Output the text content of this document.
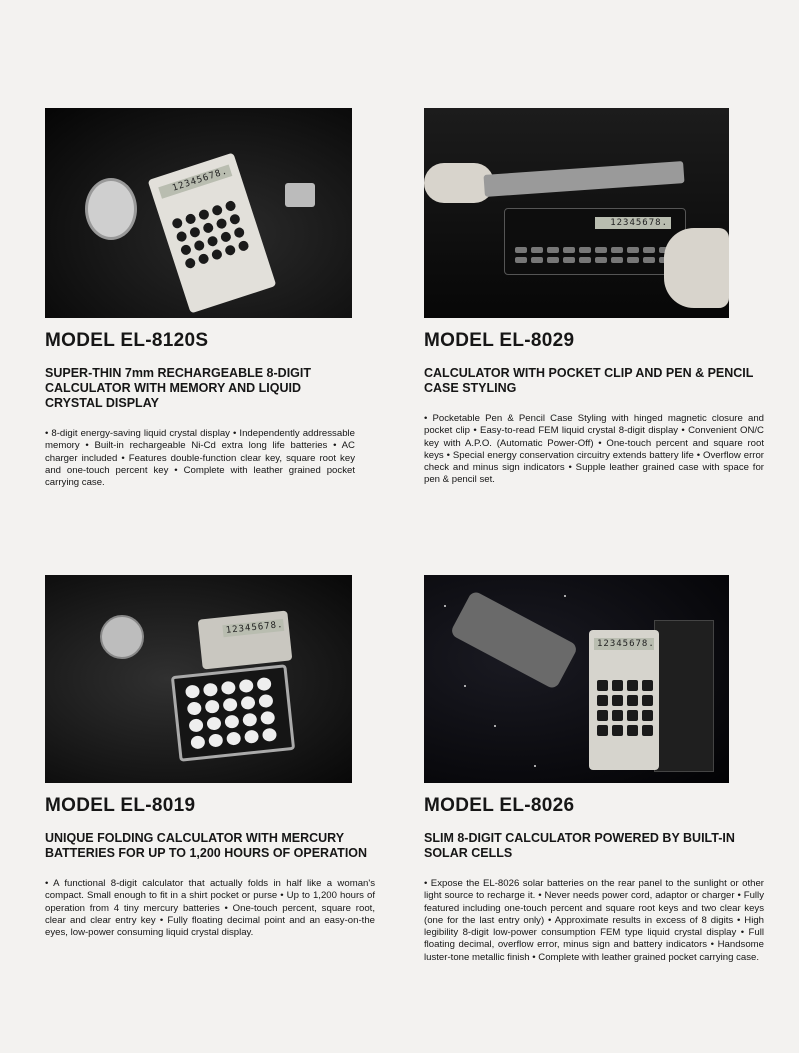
12345678.
MODEL EL-8120S
SUPER-THIN 7mm RECHARGEABLE 8-DIGIT CALCULATOR WITH MEMORY AND LIQUID CRYSTAL DISPLAY
• 8-digit energy-saving liquid crystal display • Independently addressable memory • Built-in rechargeable Ni-Cd extra long life batteries • AC charger included • Features double-function clear key, square root key and one-touch percent key • Complete with leather grained pocket carrying case.
12345678.
MODEL EL-8029
CALCULATOR WITH POCKET CLIP AND PEN & PENCIL CASE STYLING
• Pocketable Pen & Pencil Case Styling with hinged magnetic closure and pocket clip • Easy-to-read FEM liquid crystal 8-digit display • Convenient ON/C key with A.P.O. (Automatic Power-Off) • One-touch percent and square root keys • Special energy conservation circuitry extends battery life • Overflow error check and minus sign indicators • Supple leather grained case with space for pen & pencil set.
12345678.
MODEL EL-8019
UNIQUE FOLDING CALCULATOR WITH MERCURY BATTERIES FOR UP TO 1,200 HOURS OF OPERATION
• A functional 8-digit calculator that actually folds in half like a woman's compact. Small enough to fit in a shirt pocket or purse • Up to 1,200 hours of operation from 4 tiny mercury batteries • One-touch percent, square root, clear and clear entry key • Fully floating decimal point and an easy-on-the eyes, low-power consuming liquid crystal display.
12345678.
MODEL EL-8026
SLIM 8-DIGIT CALCULATOR POWERED BY BUILT-IN SOLAR CELLS
• Expose the EL-8026 solar batteries on the rear panel to the sunlight or other light source to recharge it. • Never needs power cord, adaptor or charger • Fully featured including one-touch percent and square root keys and two clear keys (one for the last entry only) • Approximate results in excess of 8 digits • High legibility 8-digit low-power consumption FEM type liquid crystal display • Full floating decimal, overflow error, minus sign and battery indicators • Handsome luster-tone metallic finish • Complete with leather grained pocket carrying case.
